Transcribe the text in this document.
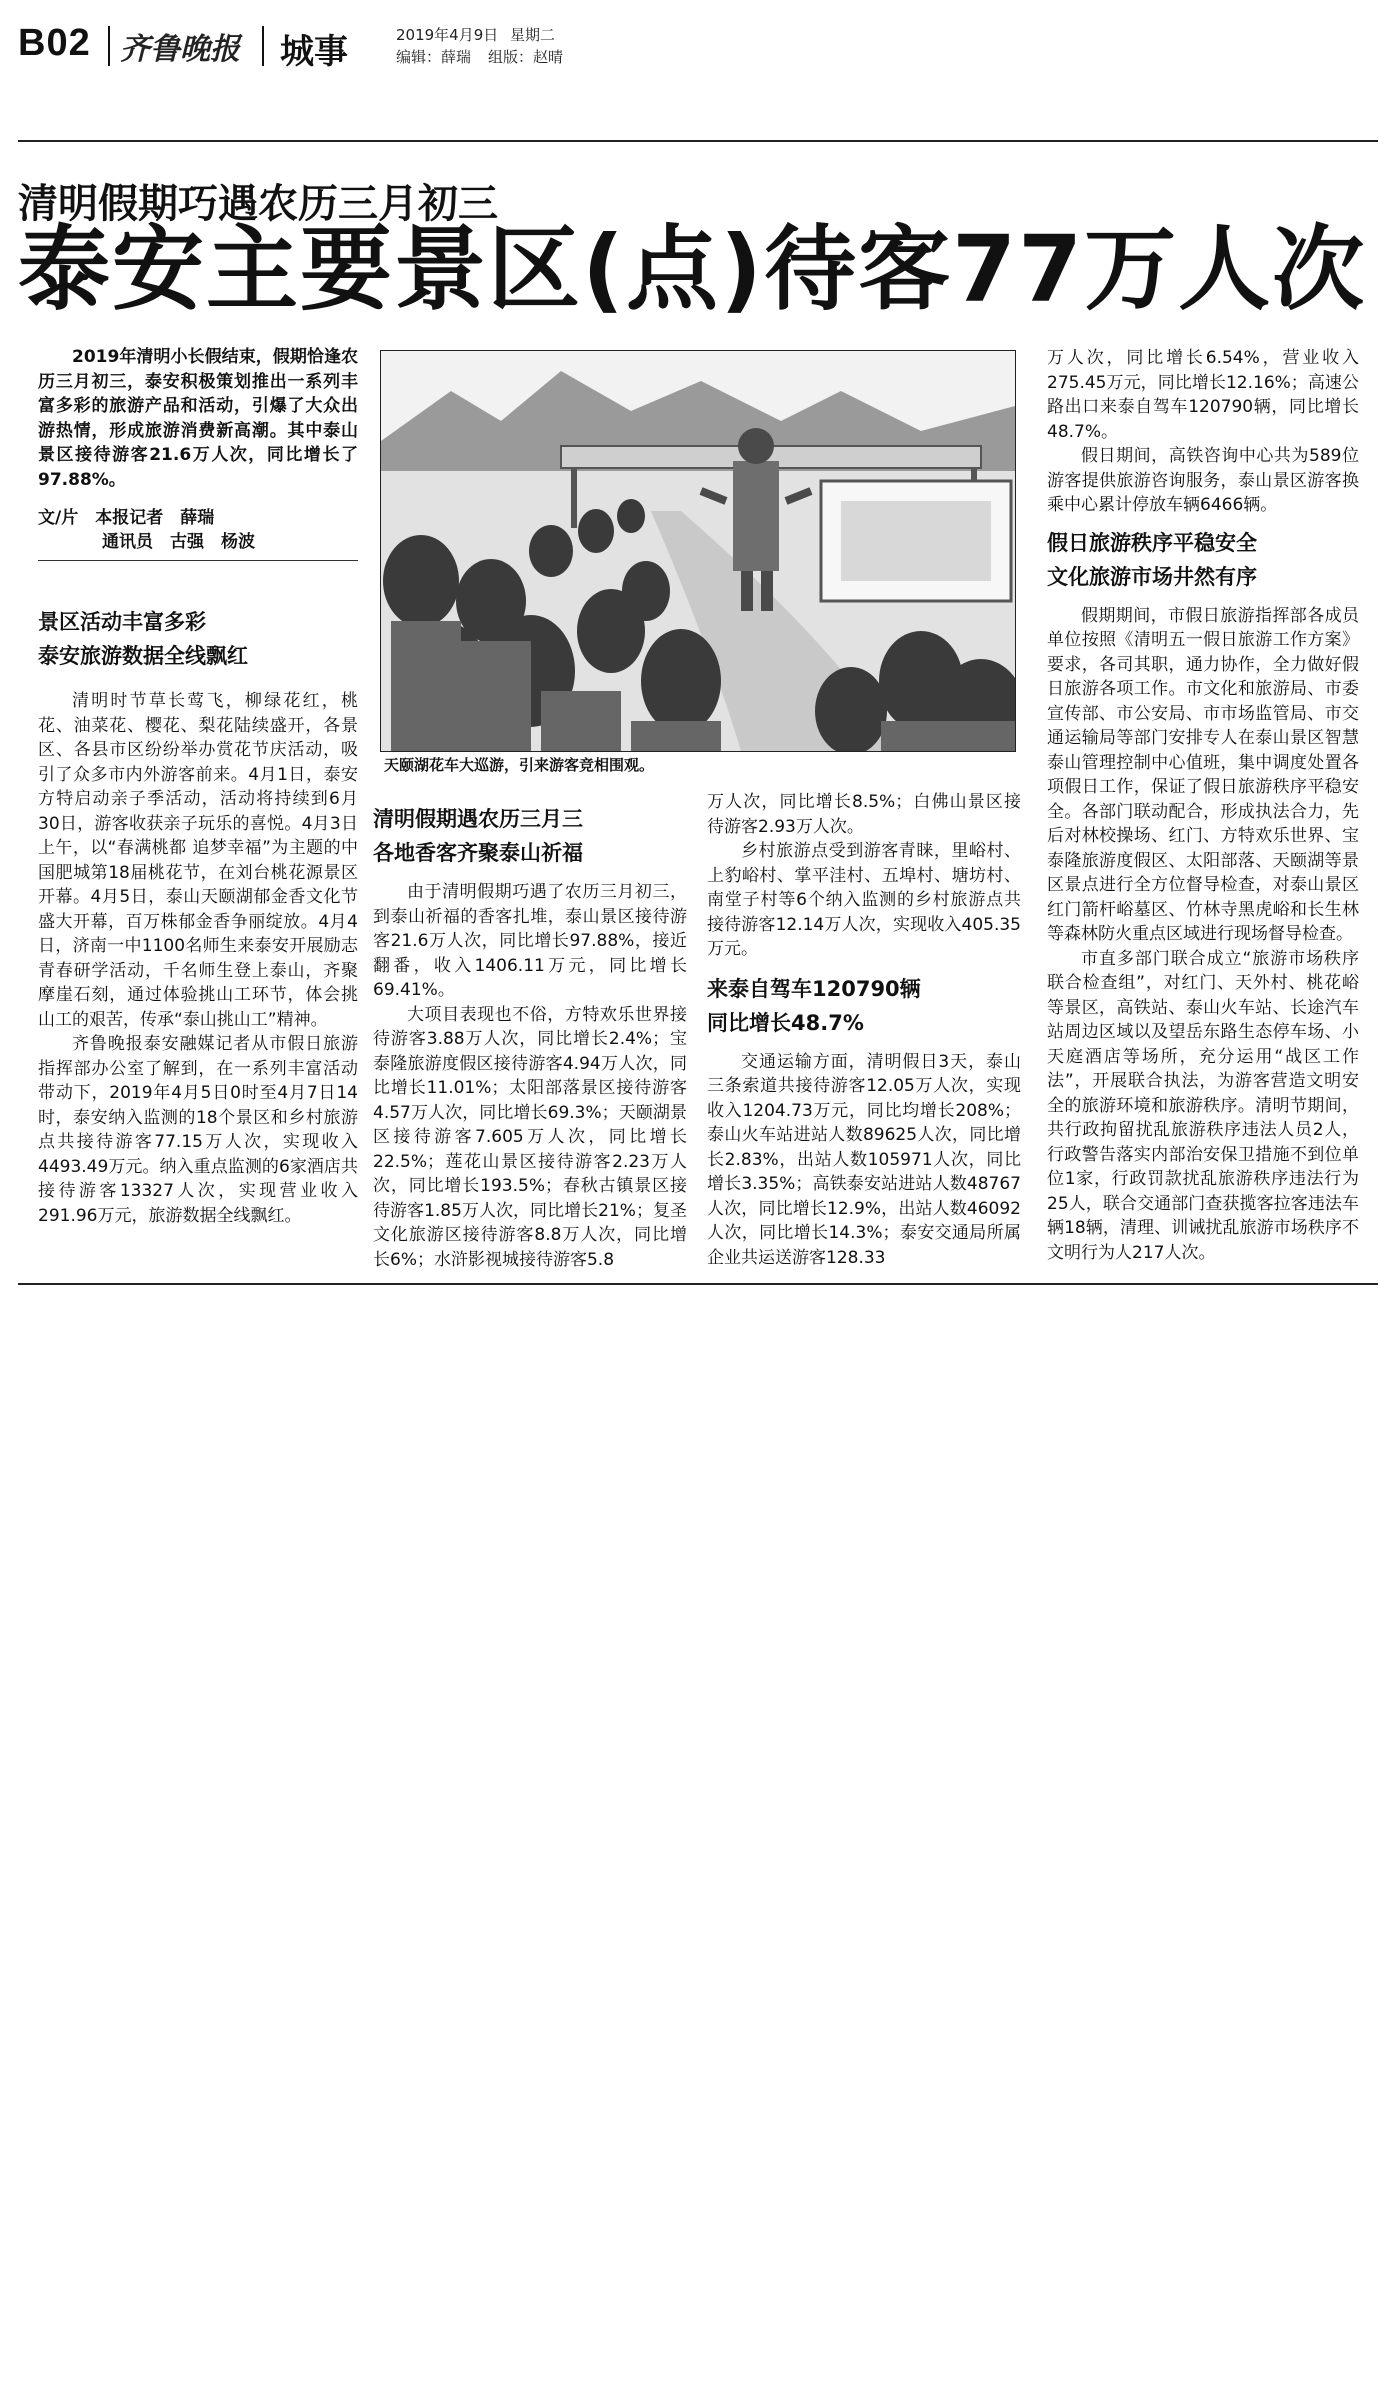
B02 齐鲁晚报 城事	2019年4月9日 星期二
编辑：薛瑞 组版：赵晴
清明假期巧遇农历三月初三
泰安主要景区(点)待客77万人次

2019年清明小长假结束，假期恰逢农历三月初三，泰安积极策划推出一系列丰富多彩的旅游产品和活动，引爆了大众出游热情，形成旅游消费新高潮。其中泰山景区接待游客21.6万人次，同比增长了97.88%。

文/片　本报记者　薛瑞
通讯员　古强　杨波
景区活动丰富多彩
泰安旅游数据全线飘红

清明时节草长莺飞，柳绿花红，桃花、油菜花、樱花、梨花陆续盛开，各景区、各县市区纷纷举办赏花节庆活动，吸引了众多市内外游客前来。4月1日，泰安方特启动亲子季活动，活动将持续到6月30日，游客收获亲子玩乐的喜悦。4月3日上午，以“春满桃都 追梦幸福”为主题的中国肥城第18届桃花节，在刘台桃花源景区开幕。4月5日，泰山天颐湖郁金香文化节盛大开幕，百万株郁金香争丽绽放。4月4日，济南一中1100名师生来泰安开展励志青春研学活动，千名师生登上泰山，齐聚摩崖石刻，通过体验挑山工环节，体会挑山工的艰苦，传承“泰山挑山工”精神。

齐鲁晚报泰安融媒记者从市假日旅游指挥部办公室了解到，在一系列丰富活动带动下，2019年4月5日0时至4月7日14时，泰安纳入监测的18个景区和乡村旅游点共接待游客77.15万人次，实现收入4493.49万元。纳入重点监测的6家酒店共接待游客13327人次，实现营业收入291.96万元，旅游数据全线飘红。

天颐湖花车大巡游，引来游客竞相围观。
清明假期遇农历三月三
各地香客齐聚泰山祈福

由于清明假期巧遇了农历三月初三，到泰山祈福的香客扎堆，泰山景区接待游客21.6万人次，同比增长97.88%，接近翻番，收入1406.11万元，同比增长69.41%。

大项目表现也不俗，方特欢乐世界接待游客3.88万人次，同比增长2.4%；宝泰隆旅游度假区接待游客4.94万人次，同比增长11.01%；太阳部落景区接待游客4.57万人次，同比增长69.3%；天颐湖景区接待游客7.605万人次，同比增长22.5%；莲花山景区接待游客2.23万人次，同比增长193.5%；春秋古镇景区接待游客1.85万人次，同比增长21%；复圣文化旅游区接待游客8.8万人次，同比增长6%；水浒影视城接待游客5.8

万人次，同比增长8.5%；白佛山景区接待游客2.93万人次。

乡村旅游点受到游客青睐，里峪村、上豹峪村、掌平洼村、五埠村、塘坊村、南堂子村等6个纳入监测的乡村旅游点共接待游客12.14万人次，实现收入405.35万元。

来泰自驾车120790辆
同比增长48.7%

交通运输方面，清明假日3天，泰山三条索道共接待游客12.05万人次，实现收入1204.73万元，同比均增长208%；泰山火车站进站人数89625人次，同比增长2.83%，出站人数105971人次，同比增长3.35%；高铁泰安站进站人数48767人次，同比增长12.9%，出站人数46092人次，同比增长14.3%；泰安交通局所属企业共运送游客128.33

万人次，同比增长6.54%，营业收入275.45万元，同比增长12.16%；高速公路出口来泰自驾车120790辆，同比增长48.7%。

假日期间，高铁咨询中心共为589位游客提供旅游咨询服务，泰山景区游客换乘中心累计停放车辆6466辆。

假日旅游秩序平稳安全
文化旅游市场井然有序

假期期间，市假日旅游指挥部各成员单位按照《清明五一假日旅游工作方案》要求，各司其职，通力协作，全力做好假日旅游各项工作。市文化和旅游局、市委宣传部、市公安局、市市场监管局、市交通运输局等部门安排专人在泰山景区智慧泰山管理控制中心值班，集中调度处置各项假日工作，保证了假日旅游秩序平稳安全。各部门联动配合，形成执法合力，先后对林校操场、红门、方特欢乐世界、宝泰隆旅游度假区、太阳部落、天颐湖等景区景点进行全方位督导检查，对泰山景区红门箭杆峪墓区、竹林寺黑虎峪和长生林等森林防火重点区域进行现场督导检查。

市直多部门联合成立“旅游市场秩序联合检查组”，对红门、天外村、桃花峪等景区，高铁站、泰山火车站、长途汽车站周边区域以及望岳东路生态停车场、小天庭酒店等场所，充分运用“战区工作法”，开展联合执法，为游客营造文明安全的旅游环境和旅游秩序。清明节期间，共行政拘留扰乱旅游秩序违法人员2人，行政警告落实内部治安保卫措施不到位单位1家，行政罚款扰乱旅游秩序违法行为25人，联合交通部门查获揽客拉客违法车辆18辆，清理、训诫扰乱旅游市场秩序不文明行为人217人次。
